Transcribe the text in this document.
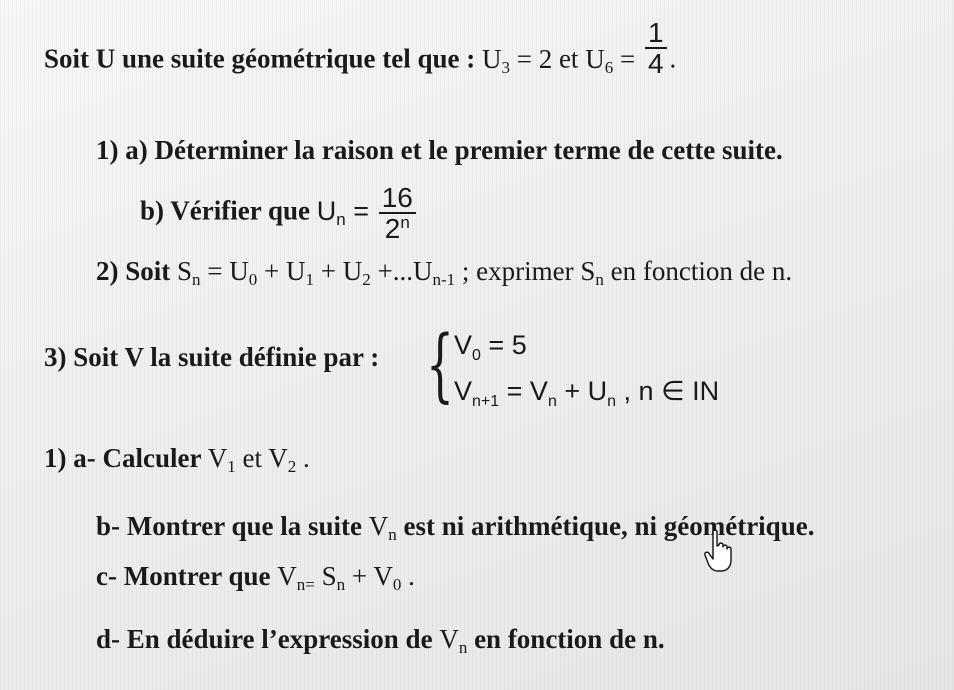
Soit U une suite géométrique tel que : $U_3 = 2$ et $U_6 = \frac{1}{4}$ .
1) a) Déterminer la raison et le premier terme de cette suite.
b) Vérifier que $U_n = \frac{16}{2^n}$
2) Soit $S_n = U_0 + U_1 + U_2 +...U_{n-1}$ ; exprimer $S_n$ en fonction de n.
3) Soit V la suite définie par : { $V_0 = 5$
$V_{n+1} = V_n + U_n$ , n ∈ IN
1) a- Calculer $V_1$ et $V_2$ .
b- Montrer que la suite $V_n$ est ni arithmétique, ni géométrique.
c- Montrer que $V_{n=}$ $S_n + V_0$ .
d- En déduire l’expression de $V_n$ en fonction de n.
